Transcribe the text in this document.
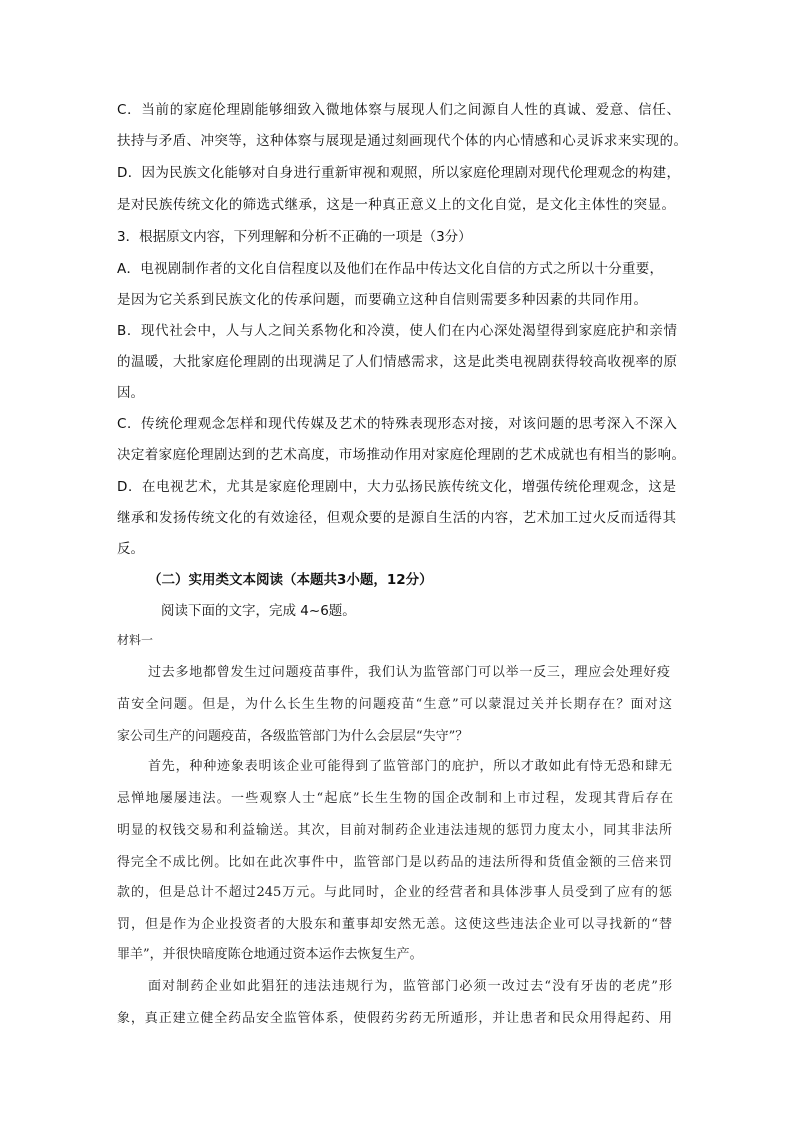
C．当前的家庭伦理剧能够细致入微地体察与展现人们之间源自人性的真诚、爱意、信任、
扶持与矛盾、冲突等，这种体察与展现是通过刻画现代个体的内心情感和心灵诉求来实现的。
D．因为民族文化能够对自身进行重新审视和观照，所以家庭伦理剧对现代伦理观念的构建，
是对民族传统文化的筛选式继承，这是一种真正意义上的文化自觉，是文化主体性的突显。
3．根据原文内容，下列理解和分析不正确的一项是（3分）
A．电视剧制作者的文化自信程度以及他们在作品中传达文化自信的方式之所以十分重要，
是因为它关系到民族文化的传承问题，而要确立这种自信则需要多种因素的共同作用。
B．现代社会中，人与人之间关系物化和冷漠，使人们在内心深处渴望得到家庭庇护和亲情
的温暖，大批家庭伦理剧的出现满足了人们情感需求，这是此类电视剧获得较高收视率的原
因。
C．传统伦理观念怎样和现代传媒及艺术的特殊表现形态对接，对该问题的思考深入不深入
决定着家庭伦理剧达到的艺术高度，市场推动作用对家庭伦理剧的艺术成就也有相当的影响。
D．在电视艺术，尤其是家庭伦理剧中，大力弘扬民族传统文化，增强传统伦理观念，这是
继承和发扬传统文化的有效途径，但观众要的是源自生活的内容，艺术加工过火反而适得其
反。
（二）实用类文本阅读（本题共3小题，12分）
阅读下面的文字，完成 4~6题。
材料一
过去多地都曾发生过问题疫苗事件，我们认为监管部门可以举一反三，理应会处理好疫
苗安全问题。但是，为什么长生生物的问题疫苗“生意”可以蒙混过关并长期存在？面对这
家公司生产的问题疫苗，各级监管部门为什么会层层“失守”？
首先，种种迹象表明该企业可能得到了监管部门的庇护，所以才敢如此有恃无恐和肆无
忌惮地屡屡违法。一些观察人士“起底”长生生物的国企改制和上市过程，发现其背后存在
明显的权钱交易和利益输送。其次，目前对制药企业违法违规的惩罚力度太小，同其非法所
得完全不成比例。比如在此次事件中，监管部门是以药品的违法所得和货值金额的三倍来罚
款的，但是总计不超过245万元。与此同时，企业的经营者和具体涉事人员受到了应有的惩
罚，但是作为企业投资者的大股东和董事却安然无恙。这使这些违法企业可以寻找新的“替
罪羊”，并很快暗度陈仓地通过资本运作去恢复生产。
面对制药企业如此猖狂的违法违规行为，监管部门必须一改过去“没有牙齿的老虎”形
象，真正建立健全药品安全监管体系，使假药劣药无所遁形，并让患者和民众用得起药、用
